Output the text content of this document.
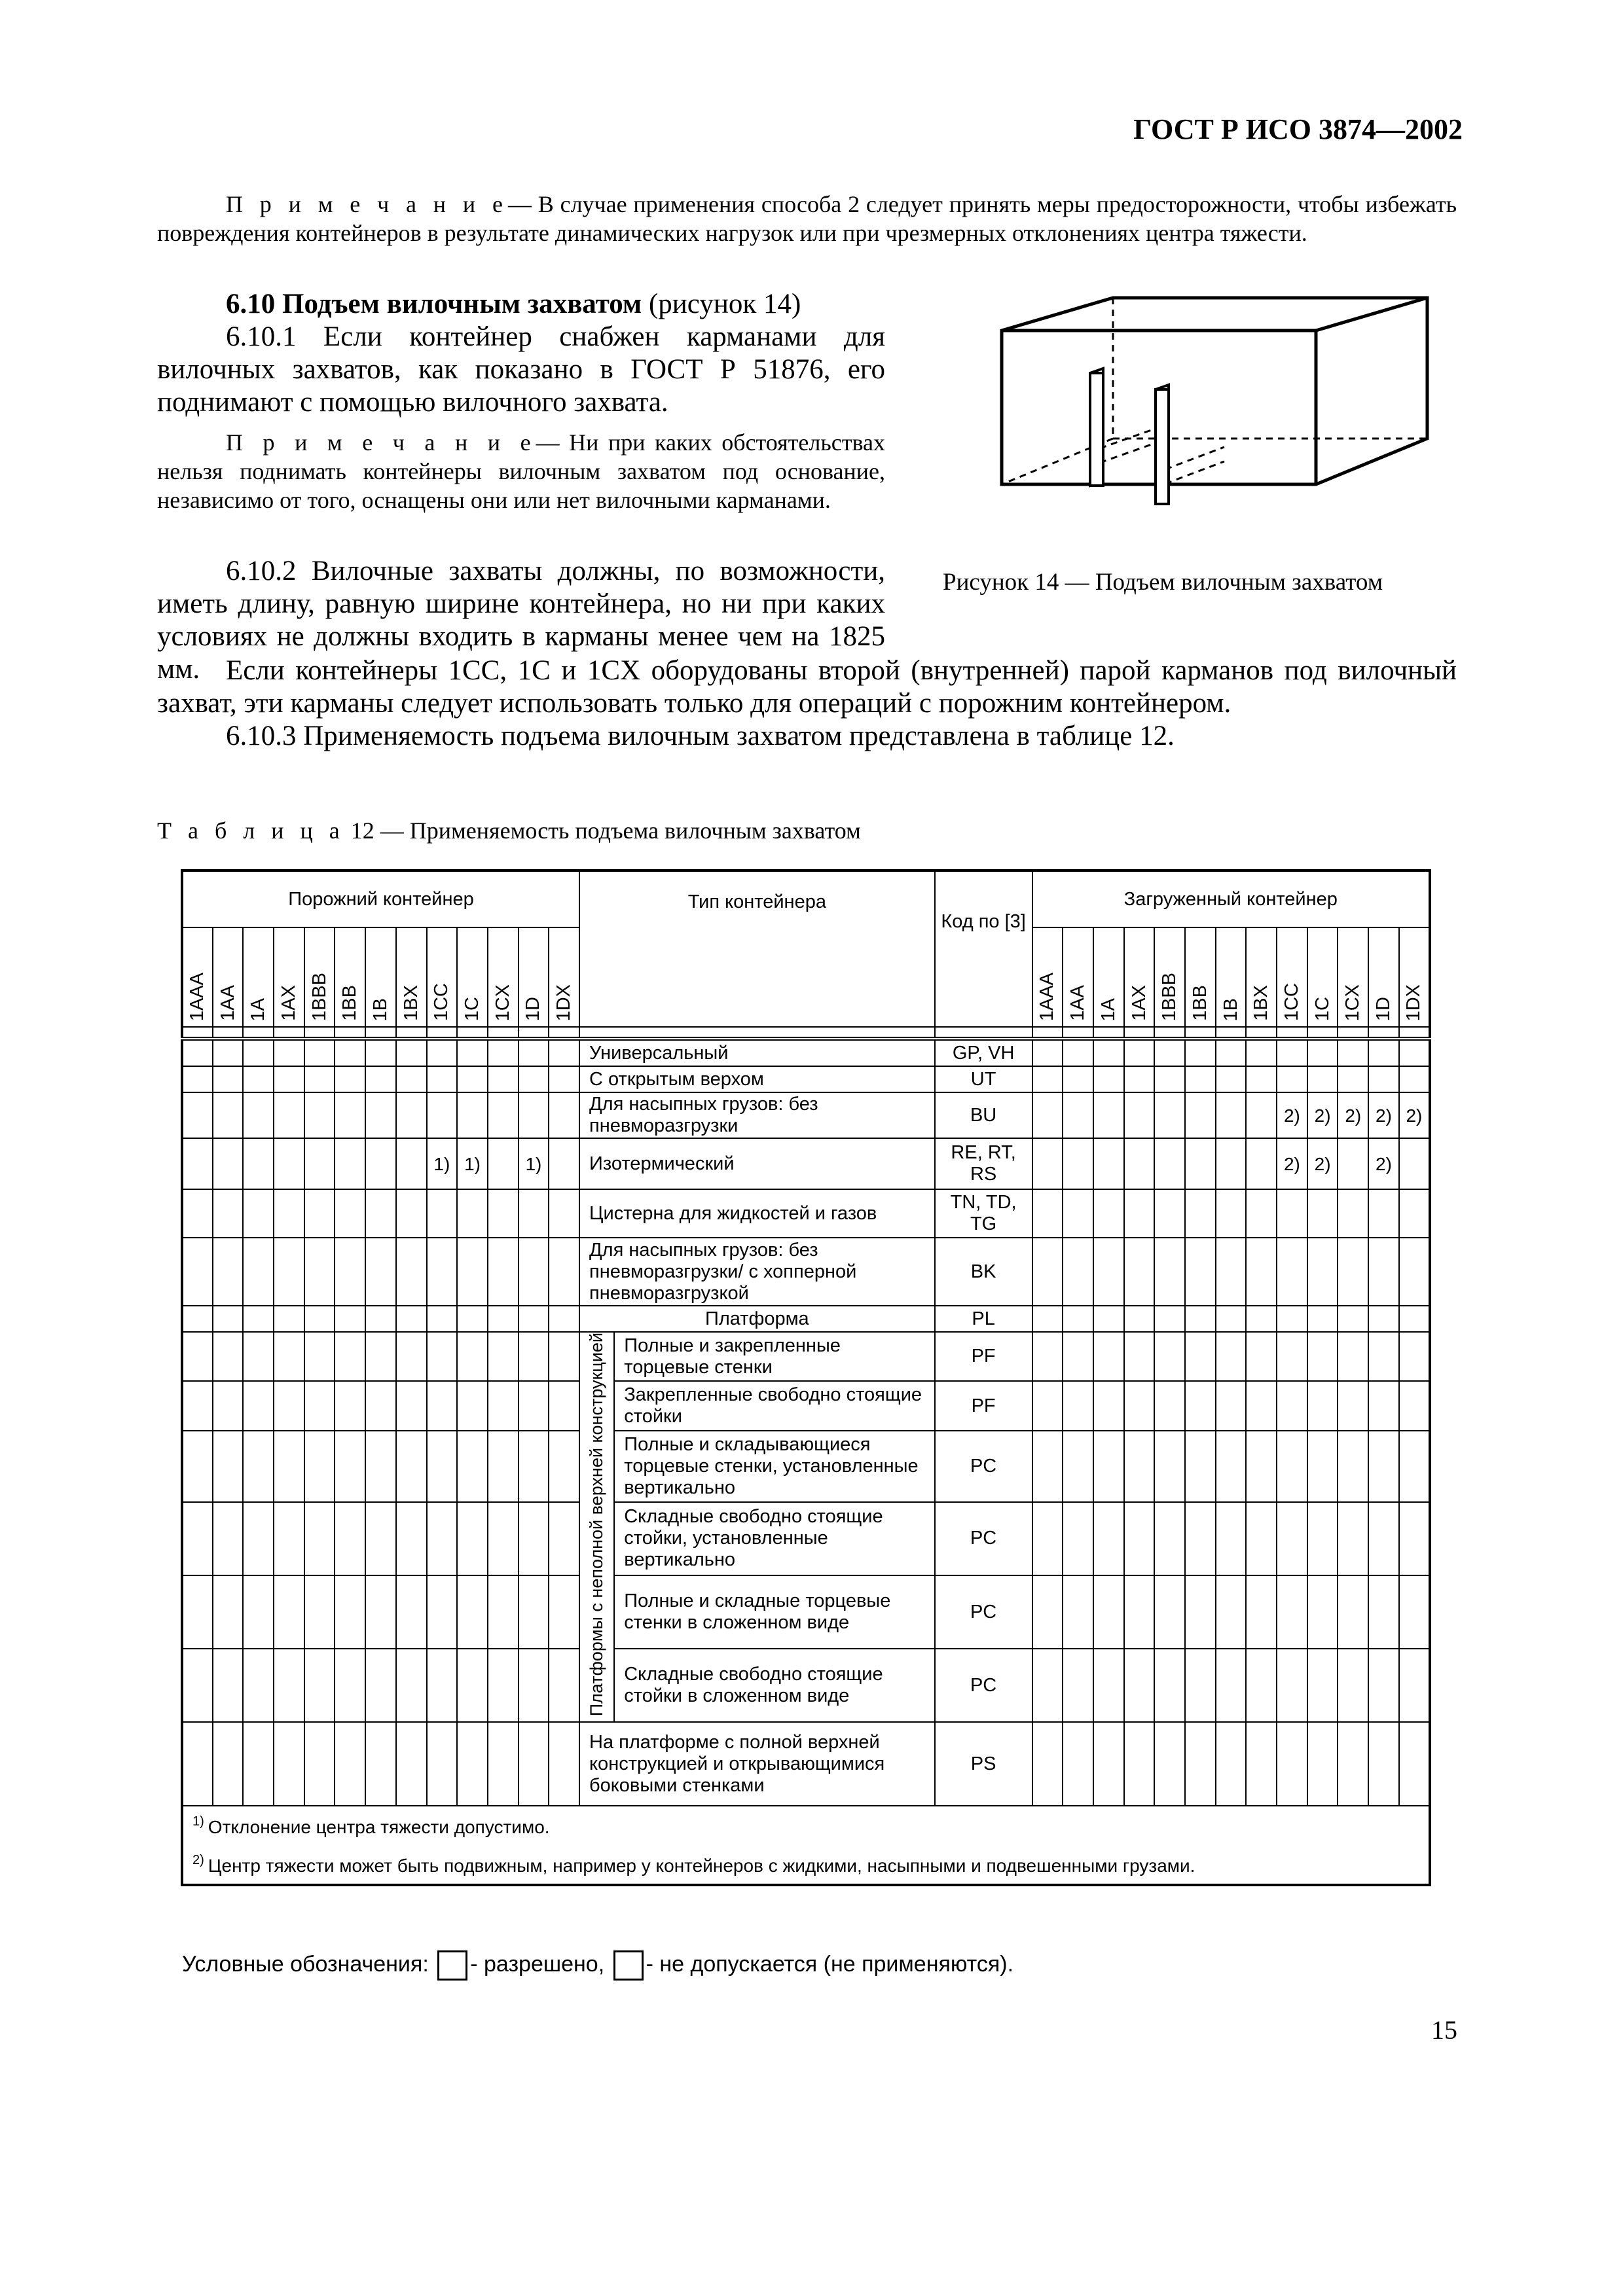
ГОСТ Р ИСО 3874—2002
П р и м е ч а н и е— В случае применения способа 2 следует принять меры предосторожности, чтобы избежать повреждения контейнеров в результате динамических нагрузок или при чрезмерных отклонениях центра тяжести.
6.10 Подъем вилочным захватом (рисунок 14)
6.10.1 Если контейнер снабжен карманами для вилочных захватов, как показано в ГОСТ Р 51876, его поднимают с помощью вилочного захвата.
П р и м е ч а н и е— Ни при каких обстоятельствах нельзя поднимать контейнеры вилочным захватом под основание, независимо от того, оснащены они или нет вилочными карманами.
6.10.2 Вилочные захваты должны, по возможности, иметь длину, равную ширине контейнера, но ни при каких условиях не должны входить в карманы менее чем на 1825 мм. Если контейнеры 1CC, 1C и 1CX оборудованы второй (внутренней) парой карманов под вилочный захват, эти карманы следует использовать только для операций с порожним контейнером.
6.10.3 Применяемость подъема вилочным захватом представлена в таблице 12.
Рисунок 14 — Подъем вилочным захватом
Т а б л и ц а 12 — Применяемость подъема вилочным захватом
Порожний контейнер													Тип контейнера		Код по [3]	Загруженный контейнер												
1AAA	1AA	1A	1AX	1BBB	1BB	1B	1BX	1CC	1C	1CX	1D	1DX				1AAA	1AA	1A	1AX	1BBB	1BB	1B	1BX	1CC	1C	1CX	1D	1DX

													Универсальный		GP, VH													
													С открытым верхом		UT													
													Для насыпных грузов: без пневморазгрузки		BU									2)	2)	2)	2)	2)
								1)	1)		1)		Изотермический		RE, RT, RS									2)	2)		2)	
													Цистерна для жидкостей и газов		TN, TD, TG													
													Для насыпных грузов: без пневморазгрузки/ с хопперной пневморазгрузкой		BK													
													Платформа		PL													
													Платформы с неполной верхней конструкцией	Полные и закрепленные торцевые стенки	PF													
														Закрепленные свободно стоящие стойки	PF													
														Полные и складывающиеся торцевые стенки, установленные вертикально	PC													
														Складные свободно стоящие стойки, установленные вертикально	PC													
														Полные и складные торцевые стенки в сложенном виде	PC													
														Складные свободно стоящие стойки в сложенном виде	PC													
													На платформе с полной верхней конструкцией и открывающимися боковыми стенками		PS													
$^{1)}$ Отклонение центра тяжести допустимо.																												
$^{2)}$ Центр тяжести может быть подвижным, например у контейнеров с жидкими, насыпными и подвешенными грузами.																												
Условные обозначения: - разрешено, - не допускается (не применяются).
15
